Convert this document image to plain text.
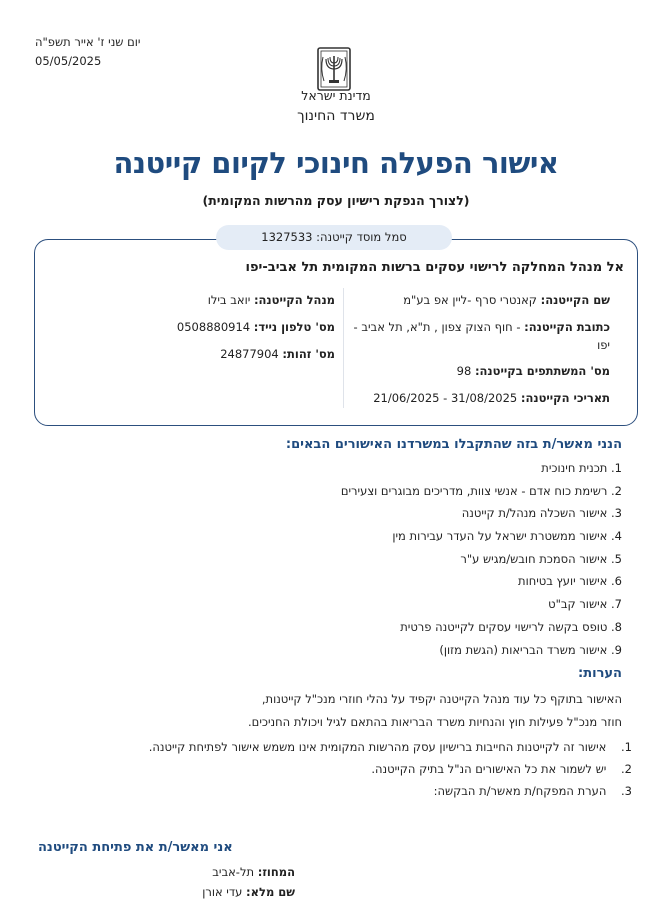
יום שני ז' אייר תשפ"ה
05/05/2025
מדינת ישראל
משרד החינוך
אישור הפעלה חינוכי לקיום קייטנה
(לצורך הנפקת רישיון עסק מהרשות המקומית)
סמל מוסד קייטנה: 1327533
אל מנהל המחלקה לרישוי עסקים ברשות המקומית תל אביב-יפו
שם הקייטנה: קאנטרי סרף -ליין אפ בע"מ
כתובת הקייטנה: - חוף הצוק צפון , ת"א, תל אביב - יפו
מס' המשתתפים בקייטנה: 98
תאריכי הקייטנה: 21/06/2025 - 31/08/2025
מנהל הקייטנה: יואב בילו
מס' טלפון נייד: 0508880914
מס' זהות: 24877904
הנני מאשר/ת בזה שהתקבלו במשרדנו האישורים הבאים:
1. תכנית חינוכית
2. רשימת כוח אדם - אנשי צוות, מדריכים מבוגרים וצעירים
3. אישור השכלה מנהל/ת קייטנה
4. אישור ממשטרת ישראל על העדר עבירות מין
5. אישור הסמכת חובש/מגיש ע"ר
6. אישור יועץ בטיחות
7. אישור קב"ט
8. טופס בקשה לרישוי עסקים לקייטנה פרטית
9. אישור משרד הבריאות (הגשת מזון)
הערות:
האישור בתוקף כל עוד מנהל הקייטנה יקפיד על נהלי חוזרי מנכ"ל קייטנות,
חוזר מנכ"ל פעילות חוץ והנחיות משרד הבריאות בהתאם לגיל ויכולת החניכים.
1. אישור זה לקייטנות החייבות ברישיון עסק מהרשות המקומית אינו משמש אישור לפתיחת קייטנה.
2. יש לשמור את כל האישורים הנ"ל בתיק הקייטנה.
3. הערת המפקח/ת מאשר/ת הבקשה:
אני מאשר/ת את פתיחת הקייטנה
המחוז: תל-אביב
שם מלא: עדי אורן
